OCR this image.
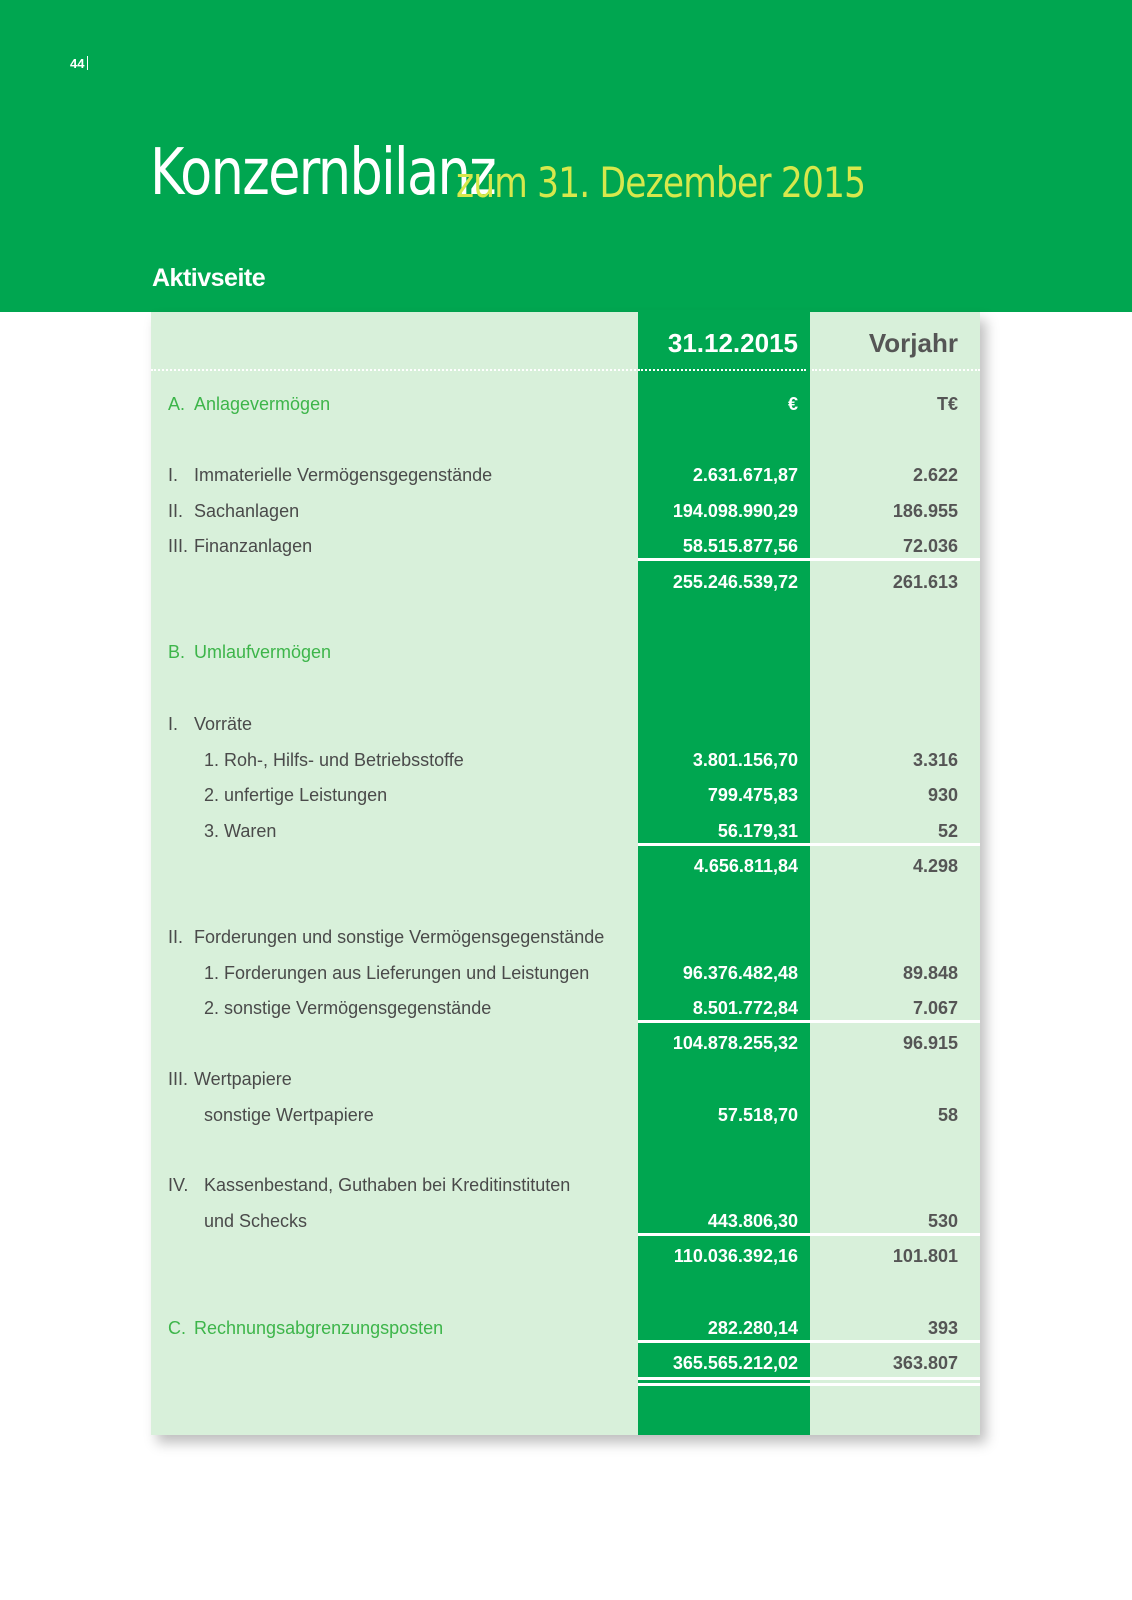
44
Konzernbilanz
zum 31. Dezember 2015
Aktivseite
31.12.2015	Vorjahr
A. Anlagevermögen	€	T€
I. Immaterielle Vermögensgegenstände	2.631.671,87	2.622
II. Sachanlagen	194.098.990,29	186.955
III. Finanzanlagen	58.515.877,56	72.036
255.246.539,72	261.613
B. Umlaufvermögen
I. Vorräte
1. Roh-, Hilfs- und Betriebsstoffe	3.801.156,70	3.316
2. unfertige Leistungen	799.475,83	930
3. Waren	56.179,31	52
4.656.811,84	4.298
II. Forderungen und sonstige Vermögensgegenstände
1. Forderungen aus Lieferungen und Leistungen	96.376.482,48	89.848
2. sonstige Vermögensgegenstände	8.501.772,84	7.067
104.878.255,32	96.915
III. Wertpapiere
sonstige Wertpapiere	57.518,70	58
IV. Kassenbestand, Guthaben bei Kreditinstituten
und Schecks	443.806,30	530
110.036.392,16	101.801
C. Rechnungsabgrenzungsposten	282.280,14	393
365.565.212,02	363.807
